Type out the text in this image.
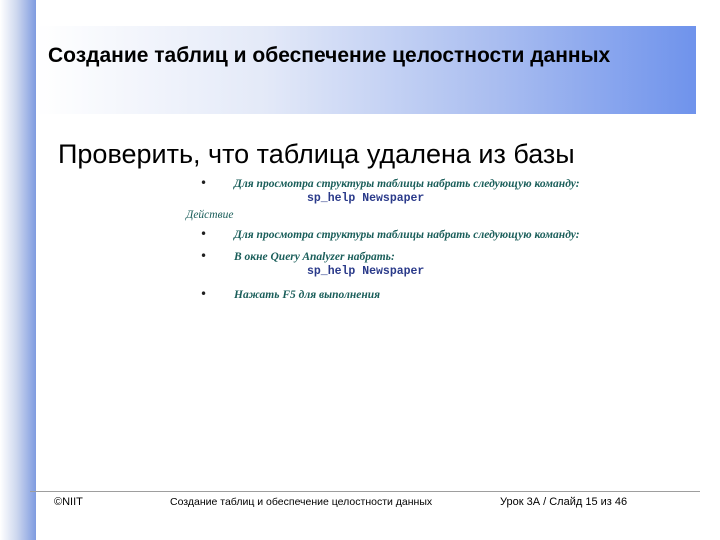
Создание таблиц и обеспечение целостности данных

Проверить, что таблица удалена из базы

• Для просмотра структуры таблицы набрать следующую команду:
sp_help Newspaper
Действие
• Для просмотра структуры таблицы набрать следующую команду:
• В окне Query Analyzer набрать:
sp_help Newspaper
• Нажать F5 для выполнения
©NIIT	Создание таблиц и обеспечение целостности данных	Урок 3А / Слайд 15 из 46
